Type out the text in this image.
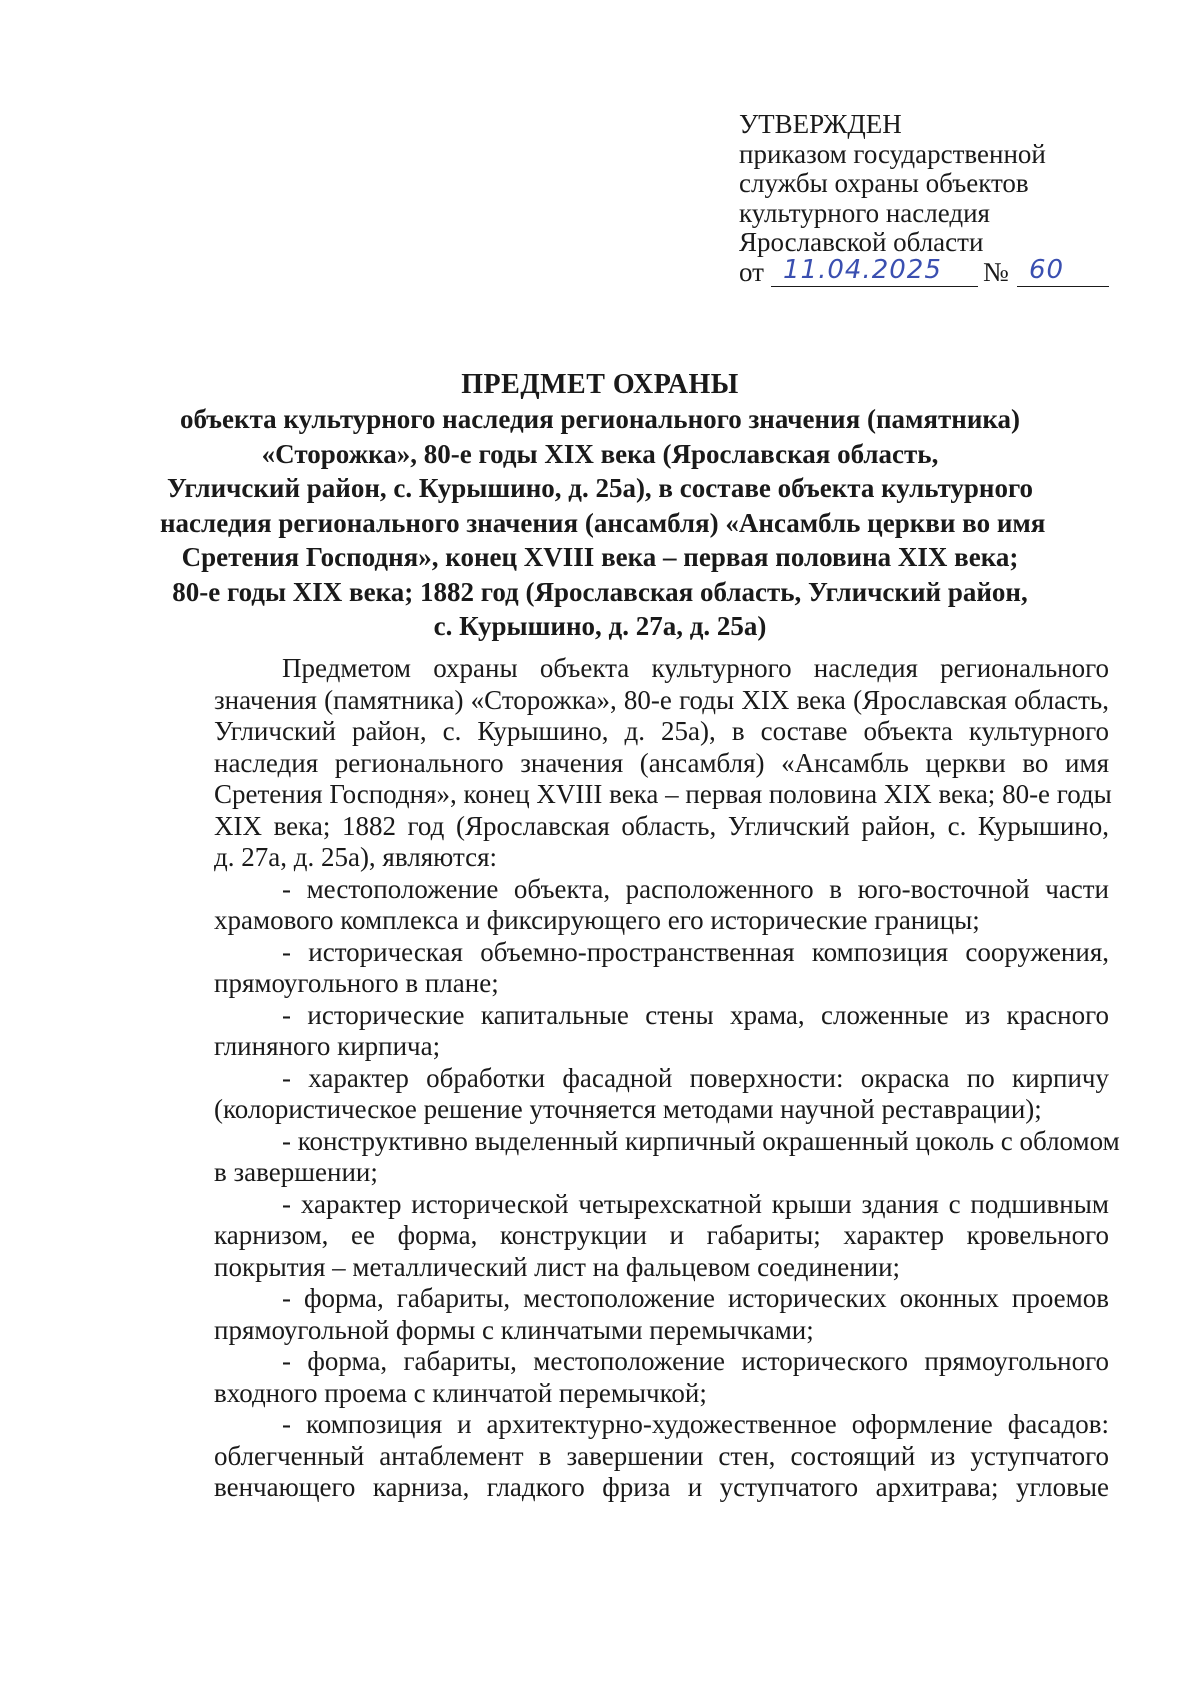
УТВЕРЖДЕН
приказом государственной
службы охраны объектов
культурного наследия
Ярославской области
от 11.04.2025 № 60
ПРЕДМЕТ ОХРАНЫ
объекта культурного наследия регионального значения (памятника)
«Сторожка», 80-е годы XIX века (Ярославская область,
Угличский район, с. Курышино, д. 25а), в составе объекта культурного
наследия регионального значения (ансамбля) «Ансамбль церкви во имя
Сретения Господня», конец XVIII века – первая половина XIX века;
80-е годы XIX века; 1882 год (Ярославская область, Угличский район,
с. Курышино, д. 27а, д. 25а)
Предметом охраны объекта культурного наследия регионального
значения (памятника) «Сторожка», 80-е годы XIX века (Ярославская область,
Угличский район, с. Курышино, д. 25а), в составе объекта культурного
наследия регионального значения (ансамбля) «Ансамбль церкви во имя
Сретения Господня», конец XVIII века – первая половина XIX века; 80-е годы
XIX века; 1882 год (Ярославская область, Угличский район, с. Курышино,
д. 27а, д. 25а), являются:
- местоположение объекта, расположенного в юго-восточной части
храмового комплекса и фиксирующего его исторические границы;
- историческая объемно-пространственная композиция сооружения,
прямоугольного в плане;
- исторические капитальные стены храма, сложенные из красного
глиняного кирпича;
- характер обработки фасадной поверхности: окраска по кирпичу
(колористическое решение уточняется методами научной реставрации);
- конструктивно выделенный кирпичный окрашенный цоколь с обломом
в завершении;
- характер исторической четырехскатной крыши здания с подшивным
карнизом, ее форма, конструкции и габариты; характер кровельного
покрытия – металлический лист на фальцевом соединении;
- форма, габариты, местоположение исторических оконных проемов
прямоугольной формы с клинчатыми перемычками;
- форма, габариты, местоположение исторического прямоугольного
входного проема с клинчатой перемычкой;
- композиция и архитектурно-художественное оформление фасадов:
облегченный антаблемент в завершении стен, состоящий из уступчатого
венчающего карниза, гладкого фриза и уступчатого архитрава; угловые
